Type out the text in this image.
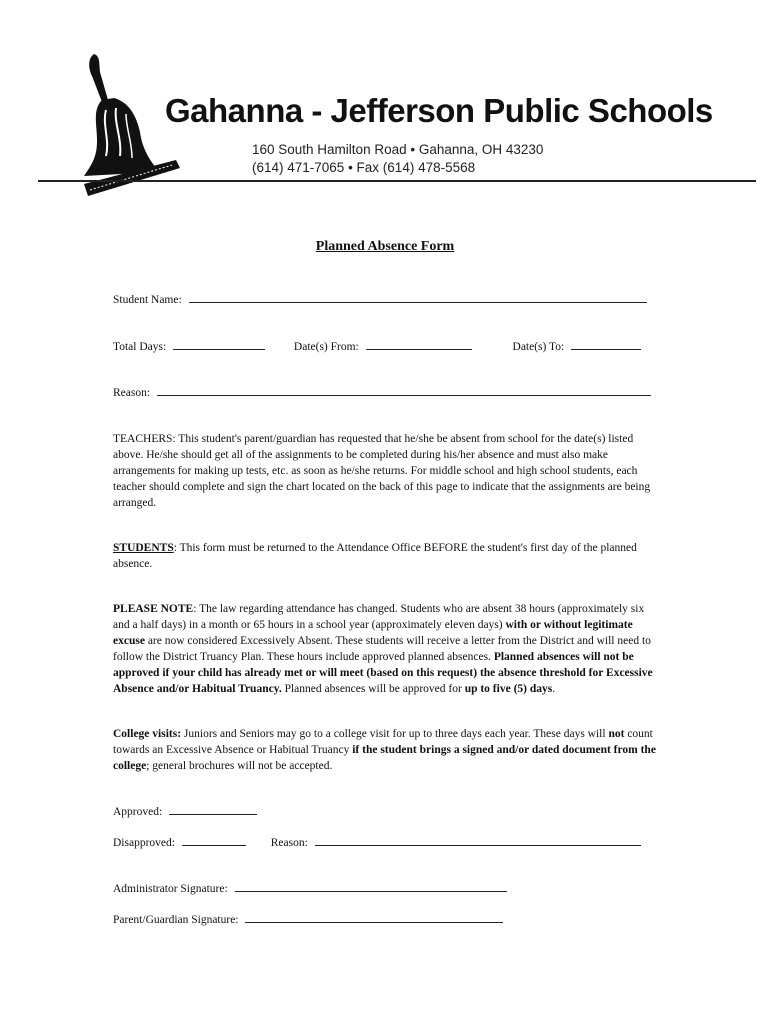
Gahanna - Jefferson Public Schools
160 South Hamilton Road • Gahanna, OH 43230
(614) 471-7065 • Fax (614) 478-5568
Planned Absence Form
Student Name:
Total Days:	Date(s) From:	Date(s) To:
Reason:
TEACHERS: This student's parent/guardian has requested that he/she be absent from school for the date(s) listed above. He/she should get all of the assignments to be completed during his/her absence and must also make arrangements for making up tests, etc. as soon as he/she returns. For middle school and high school students, each teacher should complete and sign the chart located on the back of this page to indicate that the assignments are being arranged.
STUDENTS: This form must be returned to the Attendance Office BEFORE the student's first day of the planned absence.
PLEASE NOTE: The law regarding attendance has changed. Students who are absent 38 hours (approximately six and a half days) in a month or 65 hours in a school year (approximately eleven days) with or without legitimate excuse are now considered Excessively Absent. These students will receive a letter from the District and will need to follow the District Truancy Plan. These hours include approved planned absences. Planned absences will not be approved if your child has already met or will meet (based on this request) the absence threshold for Excessive Absence and/or Habitual Truancy. Planned absences will be approved for up to five (5) days.
College visits: Juniors and Seniors may go to a college visit for up to three days each year. These days will not count towards an Excessive Absence or Habitual Truancy if the student brings a signed and/or dated document from the college; general brochures will not be accepted.
Approved:
Disapproved:	Reason:
Administrator Signature:
Parent/Guardian Signature:
